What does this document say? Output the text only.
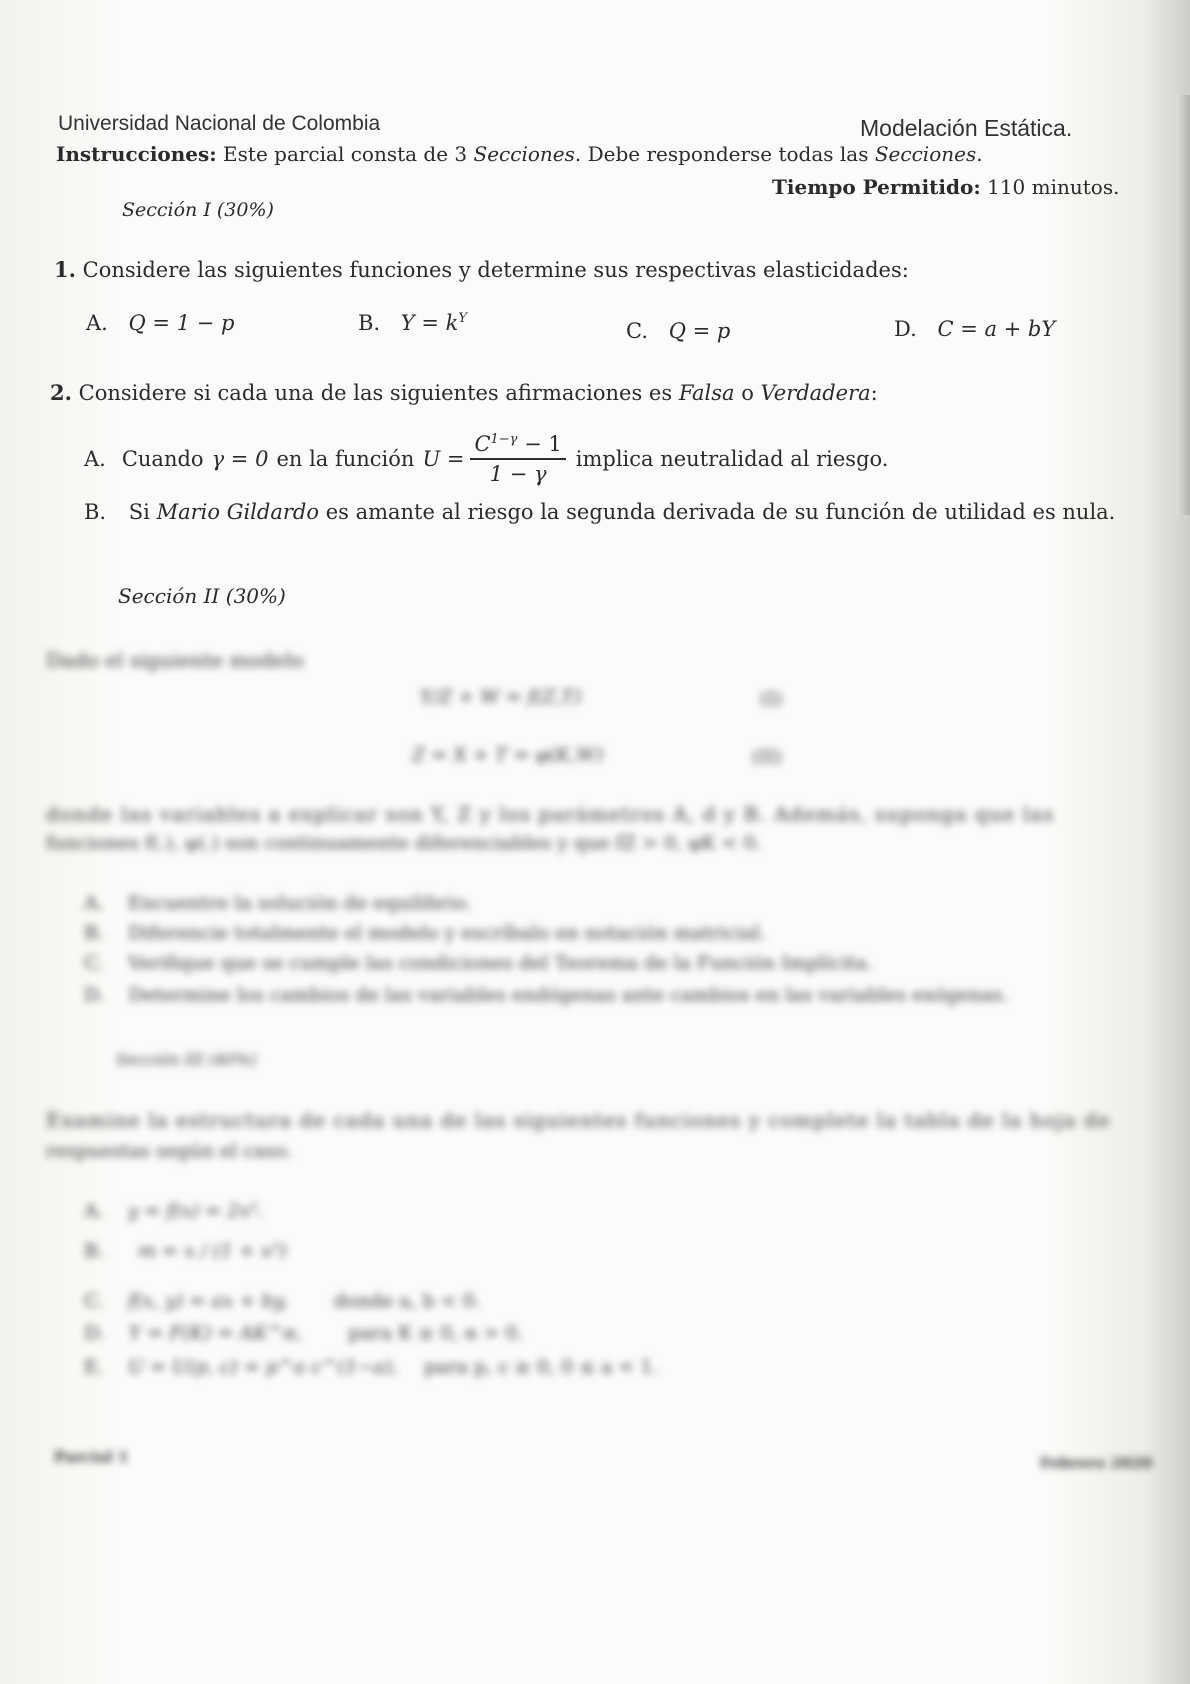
Universidad Nacional de Colombia	Modelación Estática.
Instrucciones: Este parcial consta de 3 Secciones. Debe responderse todas las Secciones.
Tiempo Permitido: 110 minutos.
Sección I (30%)
1. Considere las siguientes funciones y determine sus respectivas elasticidades:
A. Q = 1 − p	B. $Y = k^Y$
C. Q = p	D. C = a + bY
2. Considere si cada una de las siguientes afirmaciones es Falsa o Verdadera:
A. Cuando γ = 0 en la función $U = \frac{C^{1-\gamma} - 1}{1 - \gamma}$ implica neutralidad al riesgo.
B. Si Mario Gildardo es amante al riesgo la segunda derivada de su función de utilidad es nula.
Sección II (30%)
Dado el siguiente modelo
Y/Z + W = f(Z,T)	(I)
Z = X + T = φ(K,W)	(II)
donde las variables a explicar son Y, Z y los parámetros A, d y B. Además, suponga que las
funciones f(.), φ(.) son continuamente diferenciables y que fZ > 0, φK < 0.
A. Encuentre la solución de equilibrio.
B. Diferencie totalmente el modelo y escríbalo en notación matricial.
C. Verifique que se cumple las condiciones del Teorema de la Función Implícita.
D. Determine los cambios de las variables endógenas ante cambios en las variables exógenas.
Sección III (40%)
Examine la estructura de cada una de las siguientes funciones y complete la tabla de la hoja de
respuestas según el caso.
A. y = f(x) = 2x².
B. m = x / (1 + x²)
C. f(x, y) = ax + by, donde a, b < 0.
D. Y = F(K) = AK^α, para K ≥ 0, α > 0.
E. U = U(p, c) = p^a c^(1−a), para p, c ≥ 0, 0 ≤ a < 1.
Parcial 1	Febrero 2020
